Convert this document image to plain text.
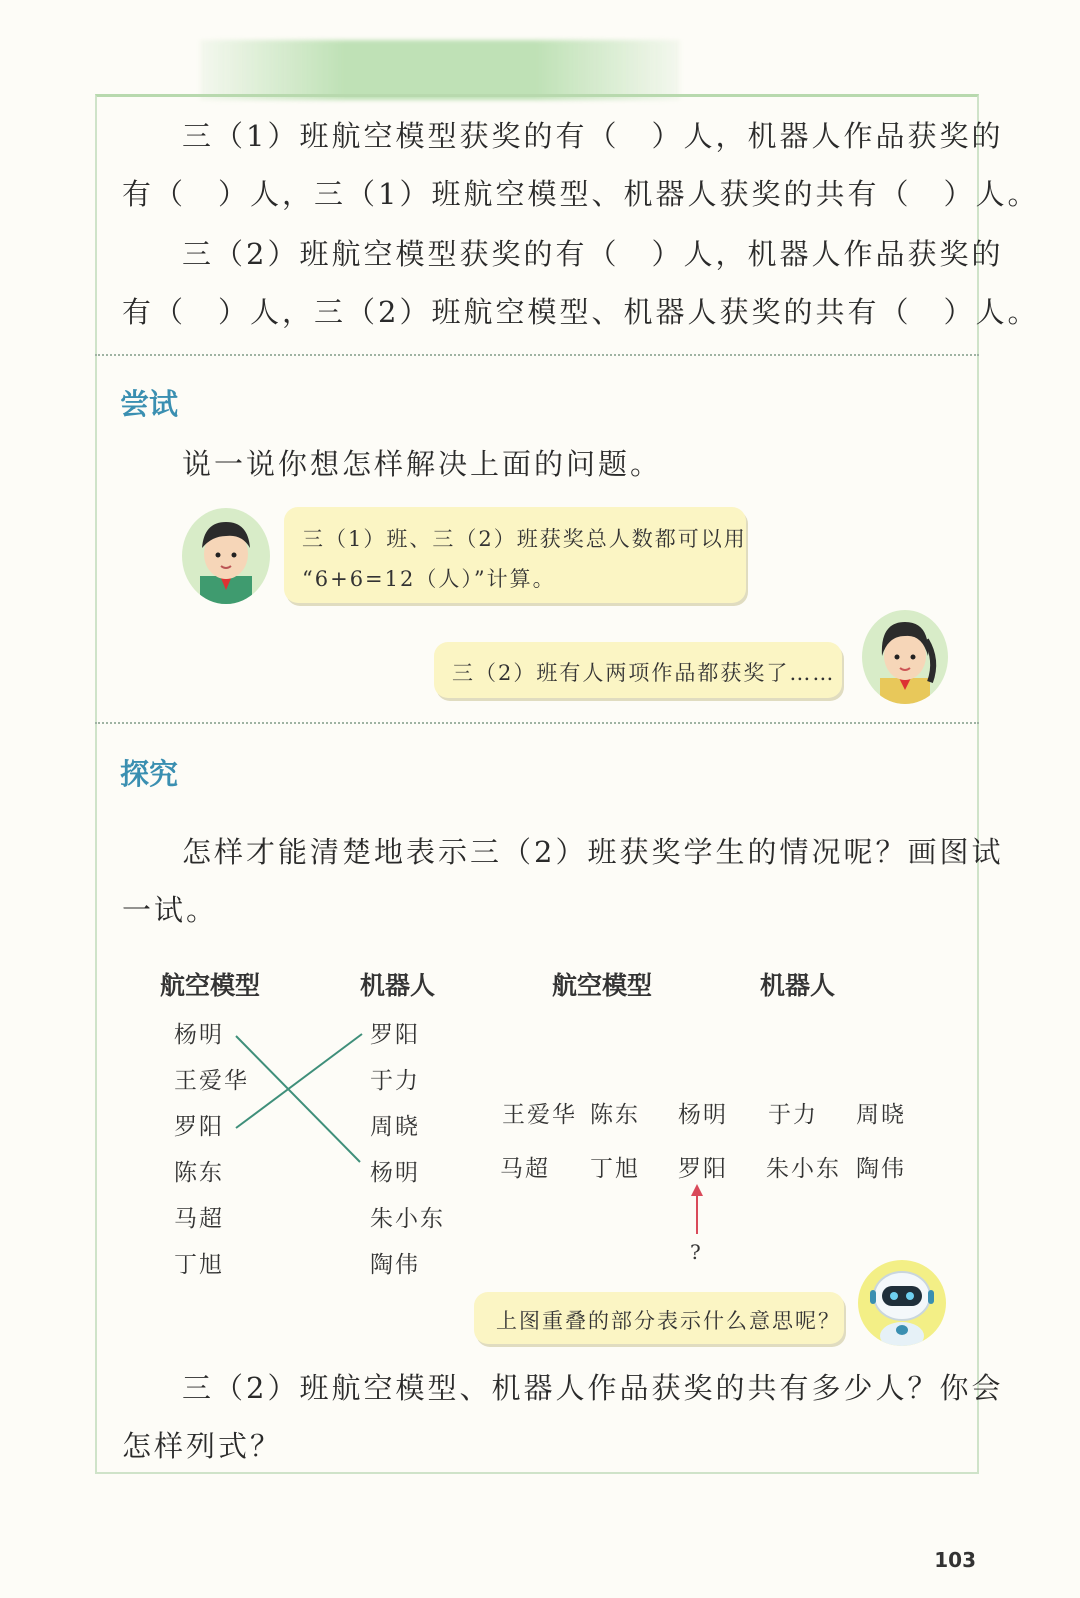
三（1）班航空模型获奖的有（　）人，机器人作品获奖的
有（　）人，三（1）班航空模型、机器人获奖的共有（　）人。
三（2）班航空模型获奖的有（　）人，机器人作品获奖的
有（　）人，三（2）班航空模型、机器人获奖的共有（　）人。
尝试
说一说你想怎样解决上面的问题。
三（1）班、三（2）班获奖总人数都可以用
“6+6=12（人）”计算。
三（2）班有人两项作品都获奖了……
探究
怎样才能清楚地表示三（2）班获奖学生的情况呢？画图试
一试。
航空模型	机器人
杨明
王爱华
罗阳
陈东
马超
丁旭
罗阳
于力
周晓
杨明
朱小东
陶伟
航空模型	机器人
王爱华 陈东
马超 丁旭
杨明
罗阳
于力 周晓
朱小东 陶伟
?
上图重叠的部分表示什么意思呢？
三（2）班航空模型、机器人作品获奖的共有多少人？你会
怎样列式？
103
